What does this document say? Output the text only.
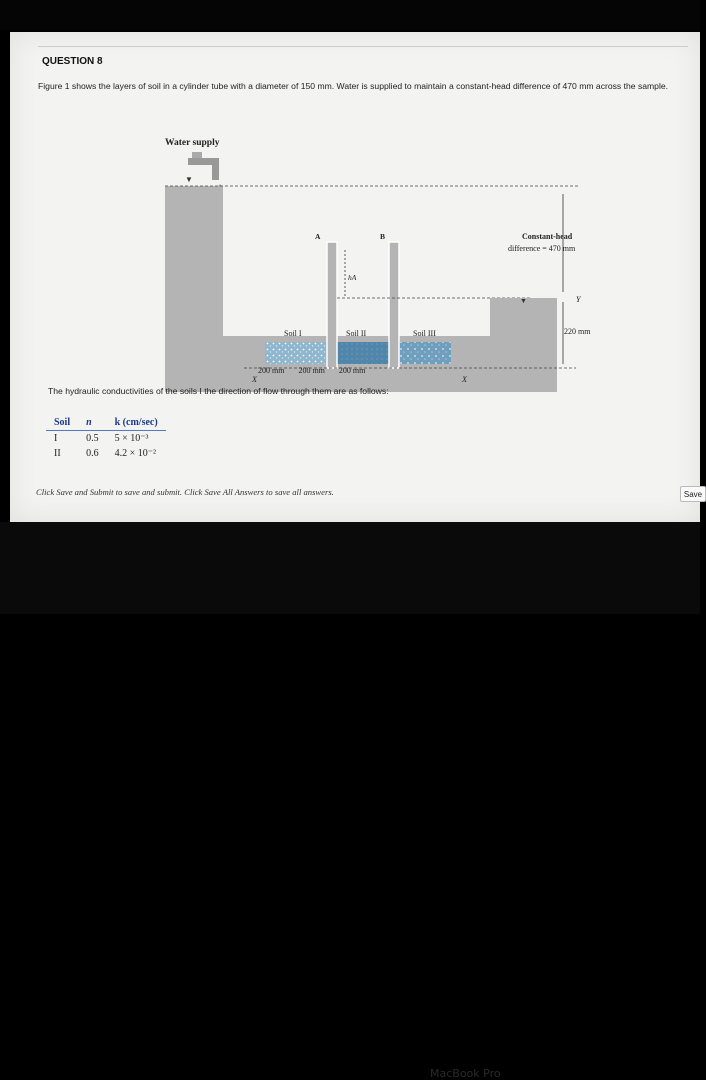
QUESTION 8
Figure 1 shows the layers of soil in a cylinder tube with a diameter of 150 mm. Water is supplied to maintain a constant-head difference of 470 mm across the sample.
Water supply
▼
A	B
hA
▼
Constant-head
difference = 470 mm
Y
220 mm
Soil I	Soil II	Soil III
X	X
200 mm 200 mm 200 mm
The hydraulic conductivities of the soils I the direction of flow through them are as follows:
Soil	n	k (cm/sec)
I	0.5	5 × 10⁻³
II	0.6	4.2 × 10⁻²
Click Save and Submit to save and submit. Click Save All Answers to save all answers.	Save
MacBook Pro
